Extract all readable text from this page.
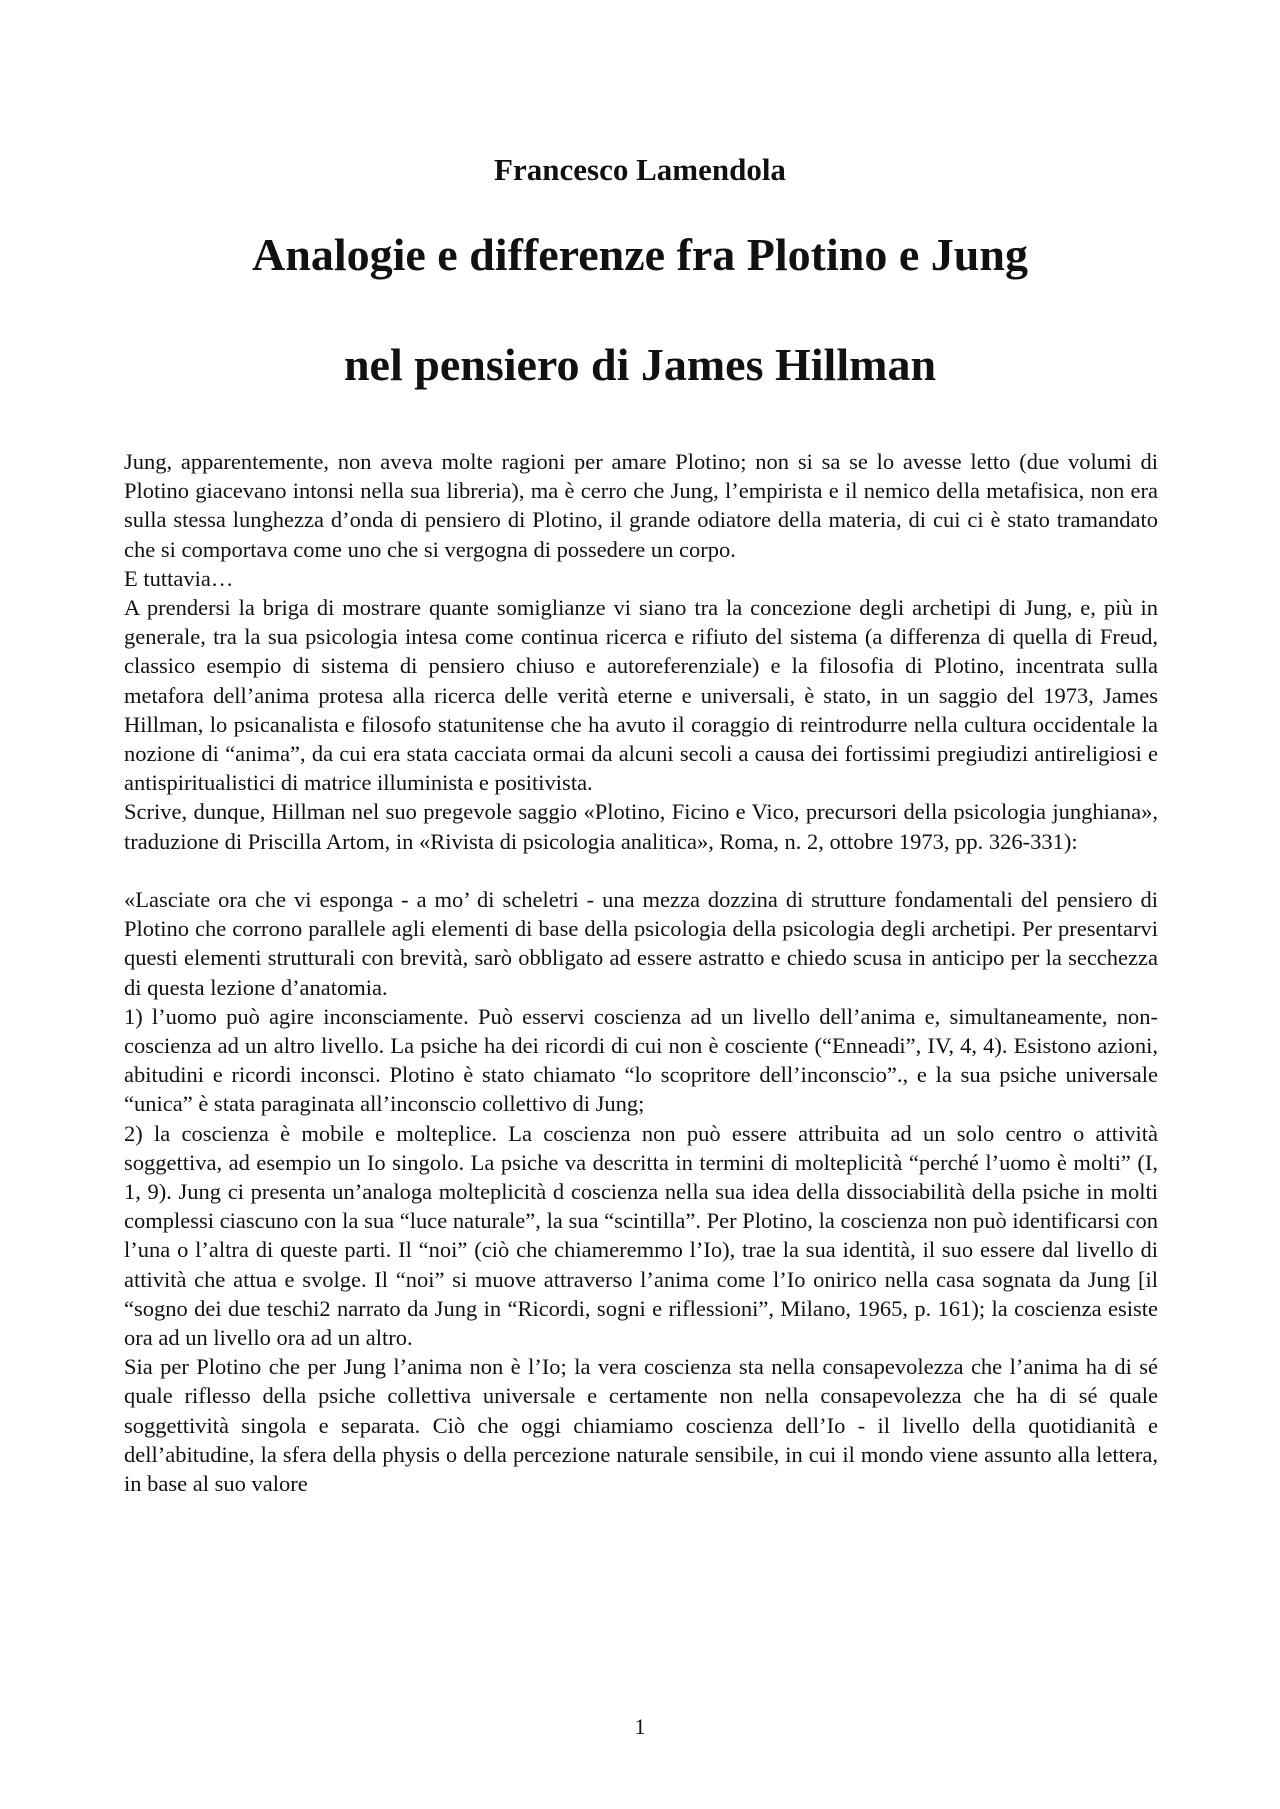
Francesco Lamendola
Analogie e differenze fra Plotino e Jung
nel pensiero di James Hillman

Jung, apparentemente, non aveva molte ragioni per amare Plotino; non si sa se lo avesse letto (due volumi di Plotino giacevano intonsi nella sua libreria), ma è cerro che Jung, l’empirista e il nemico della metafisica, non era sulla stessa lunghezza d’onda di pensiero di Plotino, il grande odiatore della materia, di cui ci è stato tramandato che si comportava come uno che si vergogna di possedere un corpo.

E tuttavia…

A prendersi la briga di mostrare quante somiglianze vi siano tra la concezione degli archetipi di Jung, e, più in generale, tra la sua psicologia intesa come continua ricerca e rifiuto del sistema (a differenza di quella di Freud, classico esempio di sistema di pensiero chiuso e autoreferenziale) e la filosofia di Plotino, incentrata sulla metafora dell’anima protesa alla ricerca delle verità eterne e universali, è stato, in un saggio del 1973, James Hillman, lo psicanalista e filosofo statunitense che ha avuto il coraggio di reintrodurre nella cultura occidentale la nozione di “anima”, da cui era stata cacciata ormai da alcuni secoli a causa dei fortissimi pregiudizi antireligiosi e antispiritualistici di matrice illuminista e positivista.

Scrive, dunque, Hillman nel suo pregevole saggio «Plotino, Ficino e Vico, precursori della psicologia junghiana», traduzione di Priscilla Artom, in «Rivista di psicologia analitica», Roma, n. 2, ottobre 1973, pp. 326-331):

«Lasciate ora che vi esponga - a mo’ di scheletri - una mezza dozzina di strutture fondamentali del pensiero di Plotino che corrono parallele agli elementi di base della psicologia della psicologia degli archetipi. Per presentarvi questi elementi strutturali con brevità, sarò obbligato ad essere astratto e chiedo scusa in anticipo per la secchezza di questa lezione d’anatomia.

1) l’uomo può agire inconsciamente. Può esservi coscienza ad un livello dell’anima e, simultaneamente, non-coscienza ad un altro livello. La psiche ha dei ricordi di cui non è cosciente (“Enneadi”, IV, 4, 4). Esistono azioni, abitudini e ricordi inconsci. Plotino è stato chiamato “lo scopritore dell’inconscio”., e la sua psiche universale “unica” è stata paraginata all’inconscio collettivo di Jung;

2) la coscienza è mobile e molteplice. La coscienza non può essere attribuita ad un solo centro o attività soggettiva, ad esempio un Io singolo. La psiche va descritta in termini di molteplicità “perché l’uomo è molti” (I, 1, 9). Jung ci presenta un’analoga molteplicità d coscienza nella sua idea della dissociabilità della psiche in molti complessi ciascuno con la sua “luce naturale”, la sua “scintilla”. Per Plotino, la coscienza non può identificarsi con l’una o l’altra di queste parti. Il “noi” (ciò che chiameremmo l’Io), trae la sua identità, il suo essere dal livello di attività che attua e svolge. Il “noi” si muove attraverso l’anima come l’Io onirico nella casa sognata da Jung [il “sogno dei due teschi2 narrato da Jung in “Ricordi, sogni e riflessioni”, Milano, 1965, p. 161); la coscienza esiste ora ad un livello ora ad un altro.

Sia per Plotino che per Jung l’anima non è l’Io; la vera coscienza sta nella consapevolezza che l’anima ha di sé quale riflesso della psiche collettiva universale e certamente non nella consapevolezza che ha di sé quale soggettività singola e separata. Ciò che oggi chiamiamo coscienza dell’Io - il livello della quotidianità e dell’abitudine, la sfera della physis o della percezione naturale sensibile, in cui il mondo viene assunto alla lettera, in base al suo valore

1
